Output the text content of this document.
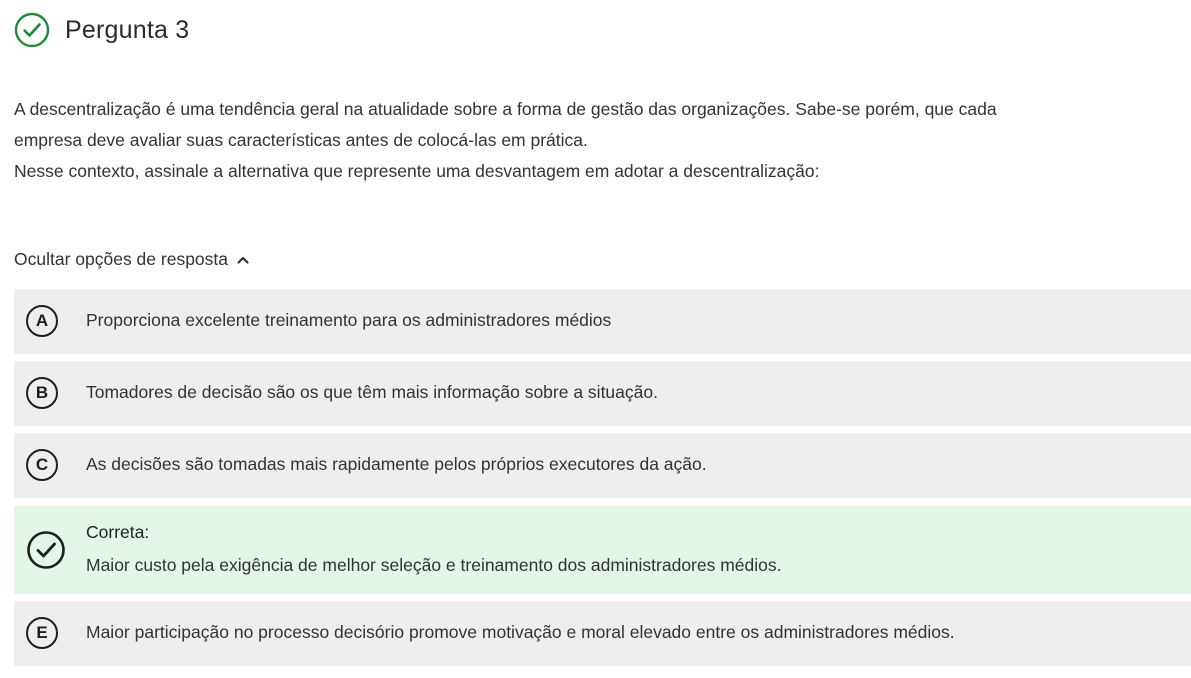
Pergunta 3

A descentralização é uma tendência geral na atualidade sobre a forma de gestão das organizações. Sabe-se porém, que cada

empresa deve avaliar suas características antes de colocá-las em prática.

Nesse contexto, assinale a alternativa que represente uma desvantagem em adotar a descentralização:

Ocultar opções de resposta
A	Proporciona excelente treinamento para os administradores médios
B	Tomadores de decisão são os que têm mais informação sobre a situação.
C	As decisões são tomadas mais rapidamente pelos próprios executores da ação.
Correta:
Maior custo pela exigência de melhor seleção e treinamento dos administradores médios.
E	Maior participação no processo decisório promove motivação e moral elevado entre os administradores médios.
